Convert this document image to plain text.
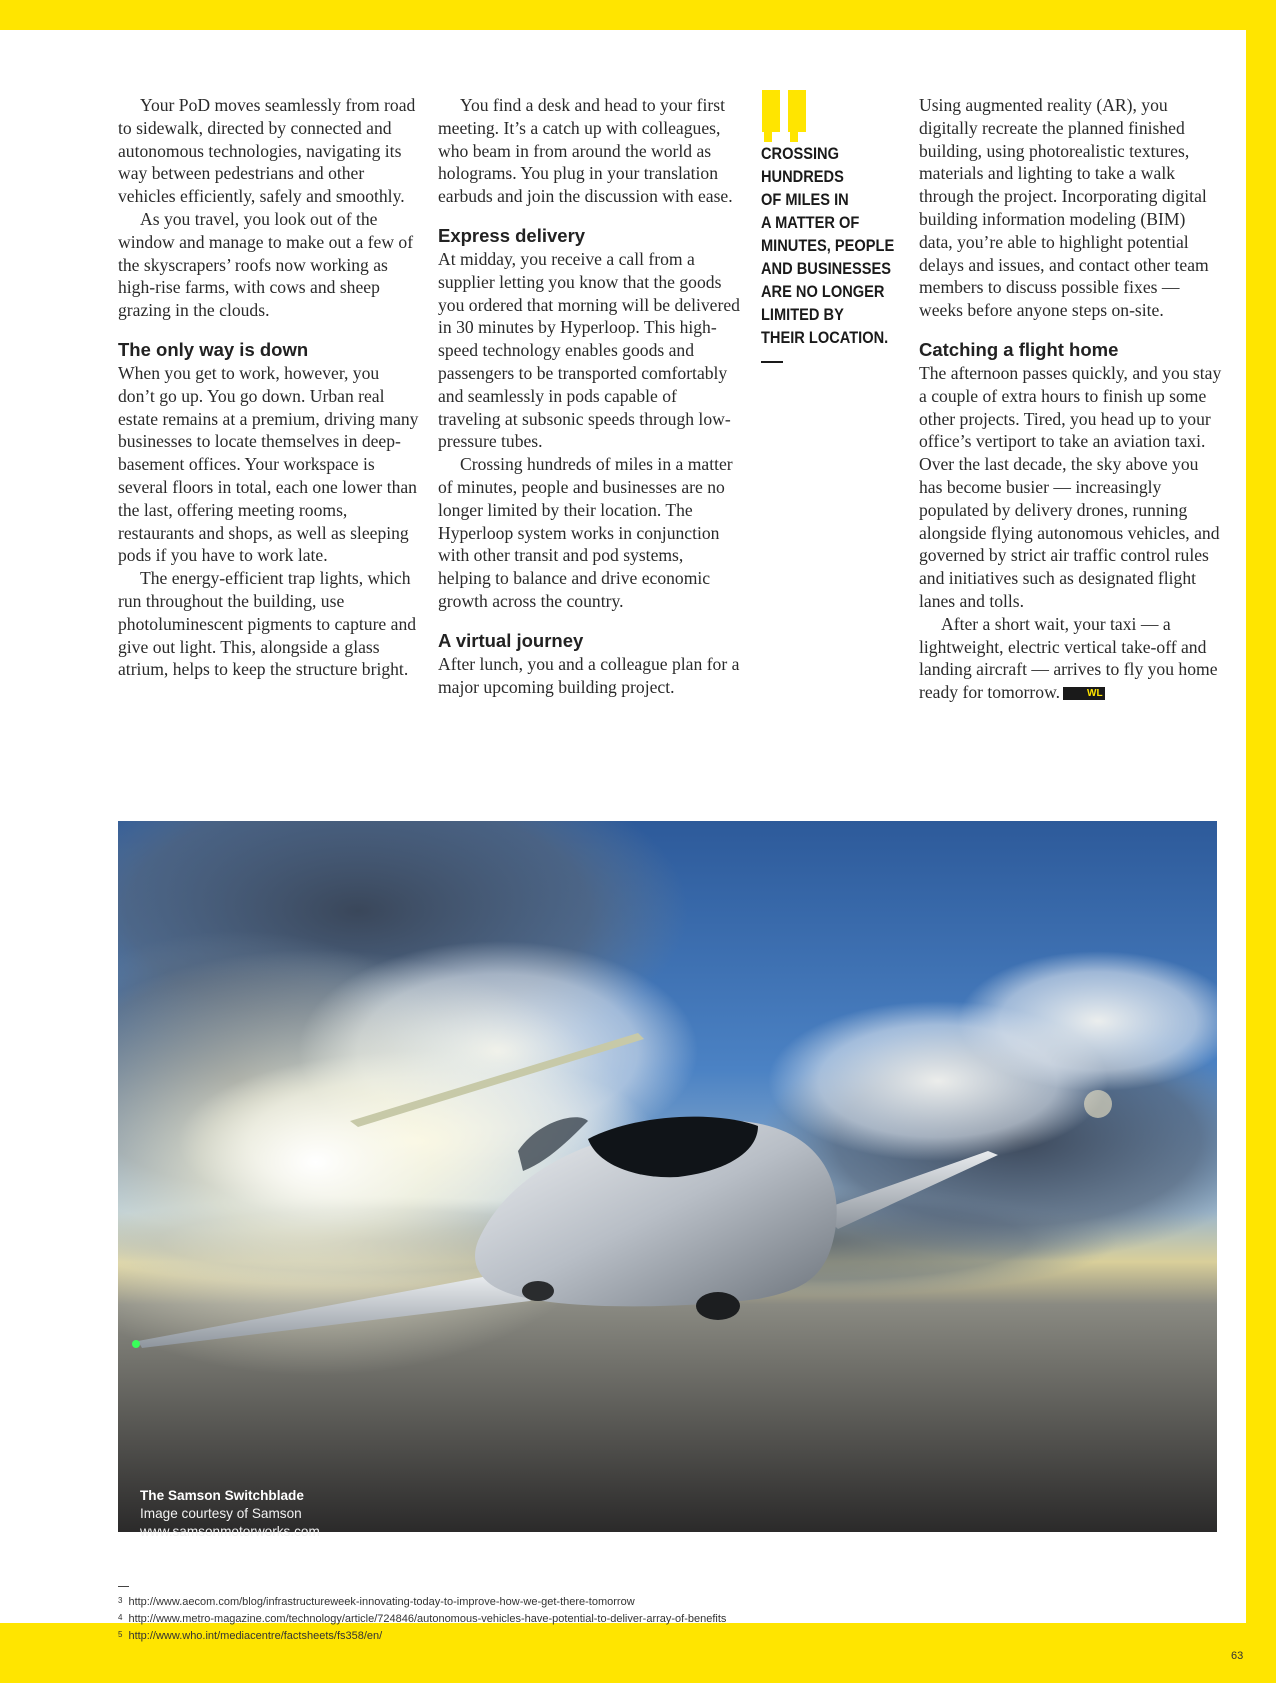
Your PoD moves seamlessly from road to sidewalk, directed by connected and autonomous technologies, navigating its way between pedestrians and other vehicles efficiently, safely and smoothly.

As you travel, you look out of the window and manage to make out a few of the skyscrapers’ roofs now working as high-rise farms, with cows and sheep grazing in the clouds.

The only way is down

When you get to work, however, you don’t go up. You go down. Urban real estate remains at a premium, driving many businesses to locate themselves in deep-basement offices. Your workspace is several floors in total, each one lower than the last, offering meeting rooms, restaurants and shops, as well as sleeping pods if you have to work late.

The energy-efficient trap lights, which run throughout the building, use photoluminescent pigments to capture and give out light. This, alongside a glass atrium, helps to keep the structure bright.

You find a desk and head to your first meeting. It’s a catch up with colleagues, who beam in from around the world as holograms. You plug in your translation earbuds and join the discussion with ease.

Express delivery

At midday, you receive a call from a supplier letting you know that the goods you ordered that morning will be delivered in 30 minutes by Hyperloop. This high-speed technology enables goods and passengers to be transported comfortably and seamlessly in pods capable of traveling at subsonic speeds through low-pressure tubes.

Crossing hundreds of miles in a matter of minutes, people and businesses are no longer limited by their location. The Hyperloop system works in conjunction with other transit and pod systems, helping to balance and drive economic growth across the country.

A virtual journey

After lunch, you and a colleague plan for a major upcoming building project.

CROSSING
HUNDREDS
OF MILES IN
A MATTER OF
MINUTES, PEOPLE
AND BUSINESSES
ARE NO LONGER
LIMITED BY
THEIR LOCATION.

Using augmented reality (AR), you digitally recreate the planned finished building, using photorealistic textures, materials and lighting to take a walk through the project. Incorporating digital building information modeling (BIM) data, you’re able to highlight potential delays and issues, and contact other team members to discuss possible fixes — weeks before anyone steps on-site.

Catching a flight home

The afternoon passes quickly, and you stay a couple of extra hours to finish up some other projects. Tired, you head up to your office’s vertiport to take an aviation taxi. Over the last decade, the sky above you has become busier — increasingly populated by delivery drones, running alongside flying autonomous vehicles, and governed by strict air traffic control rules and initiatives such as designated flight lanes and tolls.

After a short wait, your taxi — a lightweight, electric vertical take-off and landing aircraft — arrives to fly you home ready for tomorrow.	WL

The Samson Switchblade
Image courtesy of Samson
www.samsonmotorworks.com
$^3$ http://www.aecom.com/blog/infrastructureweek-innovating-today-to-improve-how-we-get-there-tomorrow
$^4$ http://www.metro-magazine.com/technology/article/724846/autonomous-vehicles-have-potential-to-deliver-array-of-benefits
$^5$ http://www.who.int/mediacentre/factsheets/fs358/en/
63
